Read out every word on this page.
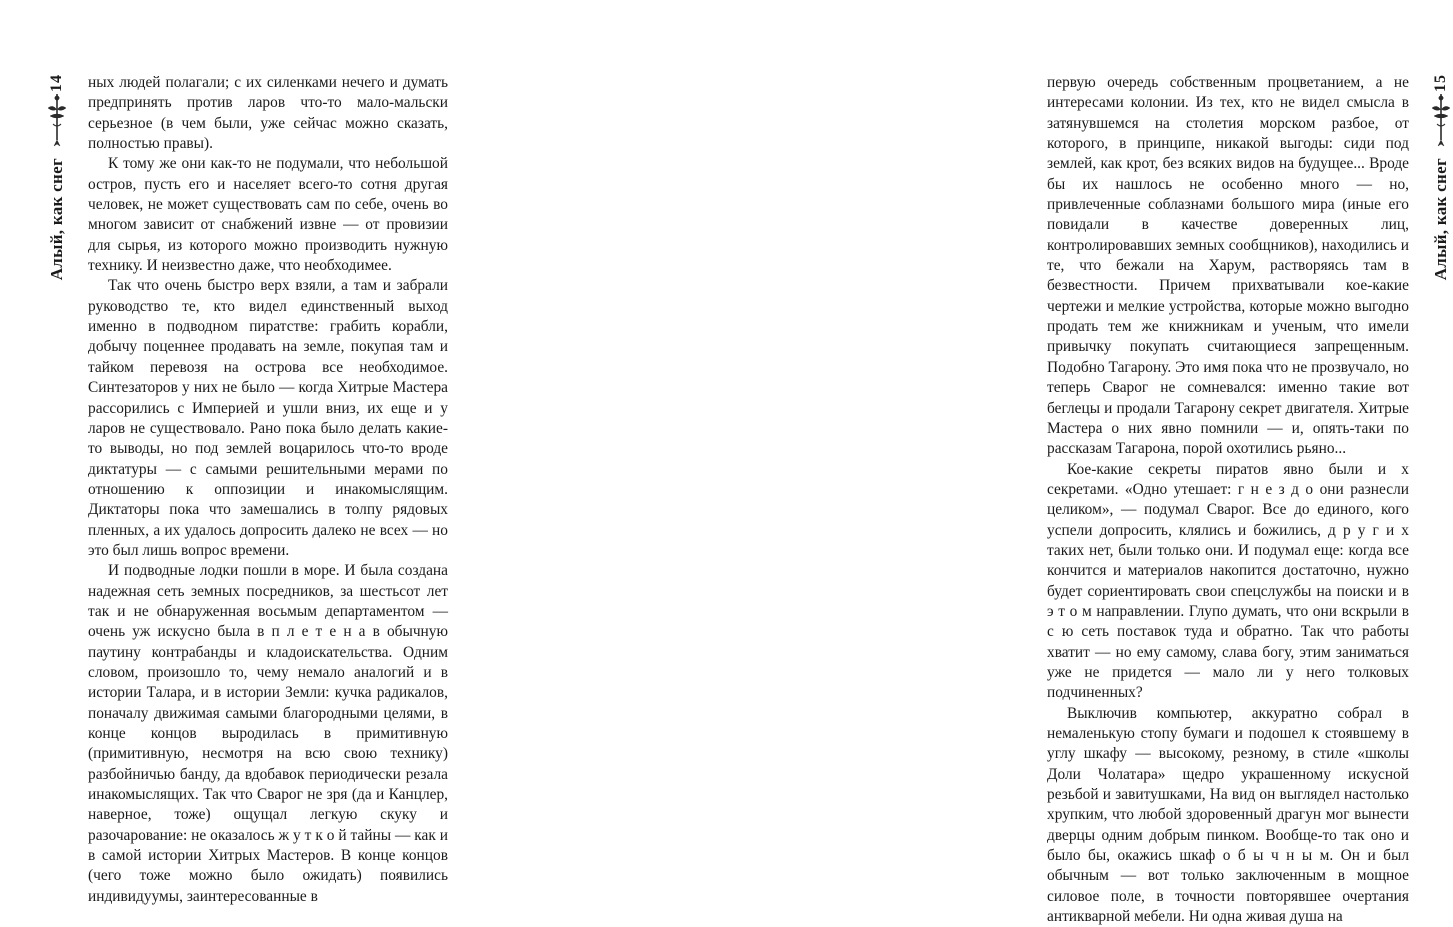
14
Алый, как снег

ных людей полагали; с их силенками нечего и думать предпринять против ларов что-то мало-мальски серьезное (в чем были, уже сейчас можно сказать, полностью правы).

К тому же они как-то не подумали, что небольшой остров, пусть его и населяет всего-то сотня другая человек, не может существовать сам по себе, очень во многом зависит от снабжений извне — от провизии для сырья, из которого можно производить нужную технику. И неизвестно даже, что необходимее.

Так что очень быстро верх взяли, а там и забрали руководство те, кто видел единственный выход именно в подводном пиратстве: грабить корабли, добычу поценнее продавать на земле, покупая там и тайком перевозя на острова все необходимое. Синтезаторов у них не было — когда Хитрые Мастера рассорились с Империей и ушли вниз, их еще и у ларов не существовало. Рано пока было делать какие-то выводы, но под землей воцарилось что-то вроде диктатуры — с самыми решительными мерами по отношению к оппозиции и инакомыслящим. Диктаторы пока что замешались в толпу рядовых пленных, а их удалось допросить далеко не всех — но это был лишь вопрос времени.

И подводные лодки пошли в море. И была создана надежная сеть земных посредников, за шестьсот лет так и не обнаруженная восьмым департаментом — очень уж искусно была в п л е т е н а в обычную паутину контрабанды и кладоискательства. Одним словом, произошло то, чему немало аналогий и в истории Талара, и в истории Земли: кучка радикалов, поначалу движимая самыми благородными целями, в конце концов выродилась в примитивную (примитивную, несмотря на всю свою технику) разбойничью банду, да вдобавок периодически резала инакомыслящих. Так что Сварог не зря (да и Канцлер, наверное, тоже) ощущал легкую скуку и разочарование: не оказалось ж у т к о й тайны — как и в самой истории Хитрых Мастеров. В конце концов (чего тоже можно было ожидать) появились индивидуумы, заинтересованные в

15
Алый, как снег

первую очередь собственным процветанием, а не интересами колонии. Из тех, кто не видел смысла в затянувшемся на столетия морском разбое, от которого, в принципе, никакой выгоды: сиди под землей, как крот, без всяких видов на будущее... Вроде бы их нашлось не особенно много — но, привлеченные соблазнами большого мира (иные его повидали в качестве доверенных лиц, контролировавших земных сообщников), находились и те, что бежали на Харум, растворяясь там в безвестности. Причем прихватывали кое-какие чертежи и мелкие устройства, которые можно выгодно продать тем же книжникам и ученым, что имели привычку покупать считающиеся запрещенным. Подобно Тагарону. Это имя пока что не прозвучало, но теперь Сварог не сомневался: именно такие вот беглецы и продали Тагарону секрет двигателя. Хитрые Мастера о них явно помнили — и, опять-таки по рассказам Тагарона, порой охотились рьяно...

Кое-какие секреты пиратов явно были и х секретами. «Одно утешает: г н е з д о они разнесли целиком», — подумал Сварог. Все до единого, кого успели допросить, клялись и божились, д р у г и х таких нет, были только они. И подумал еще: когда все кончится и материалов накопится достаточно, нужно будет сориентировать свои спецслужбы на поиски и в э т о м направлении. Глупо думать, что они вскрыли в с ю сеть поставок туда и обратно. Так что работы хватит — но ему самому, слава богу, этим заниматься уже не придется — мало ли у него толковых подчиненных?

Выключив компьютер, аккуратно собрал в немаленькую стопу бумаги и подошел к стоявшему в углу шкафу — высокому, резному, в стиле «школы Доли Чолатара» щедро украшенному искусной резьбой и завитушками, На вид он выглядел настолько хрупким, что любой здоровенный драгун мог вынести дверцы одним добрым пинком. Вообще-то так оно и было бы, окажись шкаф о б ы ч н ы м. Он и был обычным — вот только заключенным в мощное силовое поле, в точности повторявшее очертания антикварной мебели. Ни одна живая душа на
